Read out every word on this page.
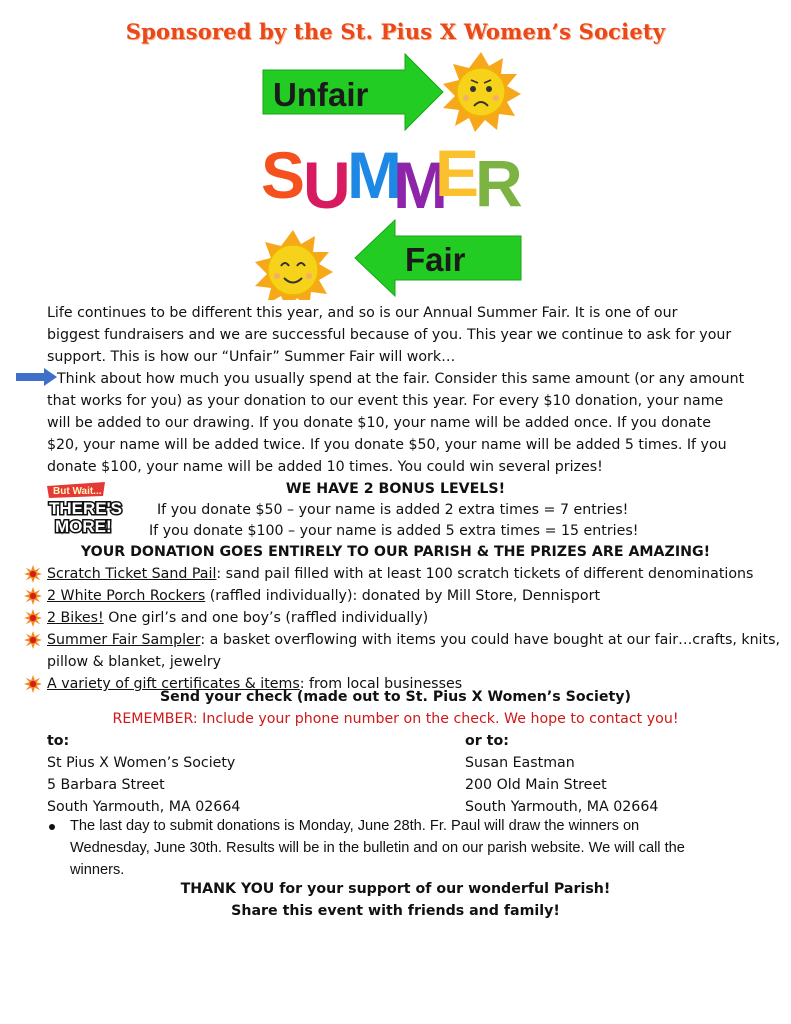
Sponsored by the St. Pius X Women’s Society
Unfair
S
U
M
M
E
R
Fair
Life continues to be different this year, and so is our Annual Summer Fair. It is one of our
biggest fundraisers and we are successful because of you. This year we continue to ask for your
support. This is how our “Unfair” Summer Fair will work…
Think about how much you usually spend at the fair. Consider this same amount (or any amount
that works for you) as your donation to our event this year. For every $10 donation, your name
will be added to our drawing. If you donate $10, your name will be added once. If you donate
$20, your name will be added twice. If you donate $50, your name will be added 5 times. If you
donate $100, your name will be added 10 times. You could win several prizes!
WE HAVE 2 BONUS LEVELS!
But Wait...
THERE'S
MORE!
If you donate $50 – your name is added 2 extra times = 7 entries!
If you donate $100 – your name is added 5 extra times = 15 entries!
YOUR DONATION GOES ENTIRELY TO OUR PARISH & THE PRIZES ARE AMAZING!
Scratch Ticket Sand Pail: sand pail filled with at least 100 scratch tickets of different denominations
2 White Porch Rockers (raffled individually): donated by Mill Store, Dennisport
2 Bikes! One girl’s and one boy’s (raffled individually)
Summer Fair Sampler: a basket overflowing with items you could have bought at our fair…crafts, knits,
pillow & blanket, jewelry
A variety of gift certificates & items: from local businesses
Send your check (made out to St. Pius X Women’s Society)
REMEMBER: Include your phone number on the check. We hope to contact you!
to:
St Pius X Women’s Society
5 Barbara Street
South Yarmouth, MA 02664
or to:
Susan Eastman
200 Old Main Street
South Yarmouth, MA 02664
The last day to submit donations is Monday, June 28th. Fr. Paul will draw the winners on
Wednesday, June 30th. Results will be in the bulletin and on our parish website. We will call the
winners.
THANK YOU for your support of our wonderful Parish!
Share this event with friends and family!
